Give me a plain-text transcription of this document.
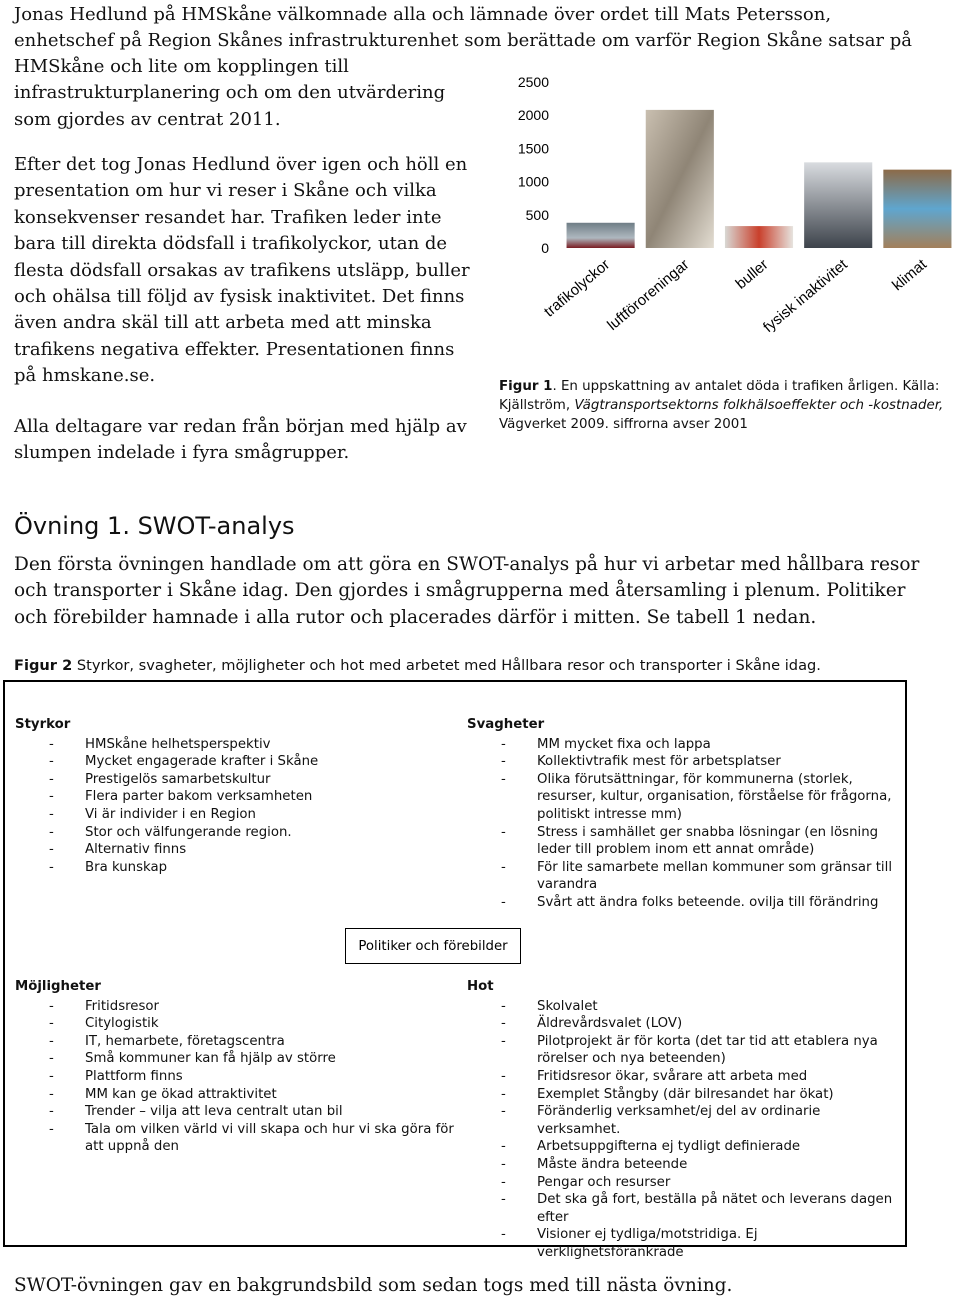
Jonas Hedlund på HMSkåne välkomnade alla och lämnade över ordet till Mats Petersson,
enhetschef på Region Skånes infrastrukturenhet som berättade om varför Region Skåne satsar på

HMSkåne och lite om kopplingen till
infrastrukturplanering och om den utvärdering
som gjordes av centrat 2011.

Efter det tog Jonas Hedlund över igen och höll en
presentation om hur vi reser i Skåne och vilka
konsekvenser resandet har. Trafiken leder inte
bara till direkta dödsfall i trafikolyckor, utan de
flesta dödsfall orsakas av trafikens utsläpp, buller
och ohälsa till följd av fysisk inaktivitet. Det finns
även andra skäl till att arbeta med att minska
trafikens negativa effekter. Presentationen finns
på hmskane.se.

Alla deltagare var redan från början med hjälp av
slumpen indelade i fyra smågrupper.

2500
2000
1500
1000
500
0
trafikolyckor
luftföroreningar	buller
fysisk inaktivitet	klimat
Figur 1. En uppskattning av antalet döda i trafiken årligen. Källa:
Kjällström, Vägtransportsektorns folkhälsoeffekter och -kostnader,
Vägverket 2009. siffrorna avser 2001
Övning 1. SWOT-analys

Den första övningen handlade om att göra en SWOT-analys på hur vi arbetar med hållbara resor
och transporter i Skåne idag. Den gjordes i smågrupperna med återsamling i plenum. Politiker
och förebilder hamnade i alla rutor och placerades därför i mitten. Se tabell 1 nedan.

Figur 2 Styrkor, svagheter, möjligheter och hot med arbetet med Hållbara resor och transporter i Skåne idag.
Styrkor
- HMSkåne helhetsperspektiv
- Mycket engagerade krafter i Skåne
- Prestigelös samarbetskultur
- Flera parter bakom verksamheten
- Vi är individer i en Region
- Stor och välfungerande region.
- Alternativ finns
- Bra kunskap
Svagheter
- MM mycket fixa och lappa
- Kollektivtrafik mest för arbetsplatser
- Olika förutsättningar, för kommunerna (storlek,
resurser, kultur, organisation, förståelse för frågorna,
politiskt intresse mm)
- Stress i samhället ger snabba lösningar (en lösning
leder till problem inom ett annat område)
- För lite samarbete mellan kommuner som gränsar till
varandra
- Svårt att ändra folks beteende. ovilja till förändring
Möjligheter
- Fritidsresor
- Citylogistik
- IT, hemarbete, företagscentra
- Små kommuner kan få hjälp av större
- Plattform finns
- MM kan ge ökad attraktivitet
- Trender – vilja att leva centralt utan bil
- Tala om vilken värld vi vill skapa och hur vi ska göra för
att uppnå den
Hot
- Skolvalet
- Äldrevårdsvalet (LOV)
- Pilotprojekt är för korta (det tar tid att etablera nya
rörelser och nya beteenden)
- Fritidsresor ökar, svårare att arbeta med
- Exemplet Stångby (där bilresandet har ökat)
- Föränderlig verksamhet/ej del av ordinarie verksamhet.
- Arbetsuppgifterna ej tydligt definierade
- Måste ändra beteende
- Pengar och resurser
- Det ska gå fort, beställa på nätet och leverans dagen
efter
- Visioner ej tydliga/motstridiga. Ej verklighetsförankrade
Politiker och förebilder

SWOT-övningen gav en bakgrundsbild som sedan togs med till nästa övning.
